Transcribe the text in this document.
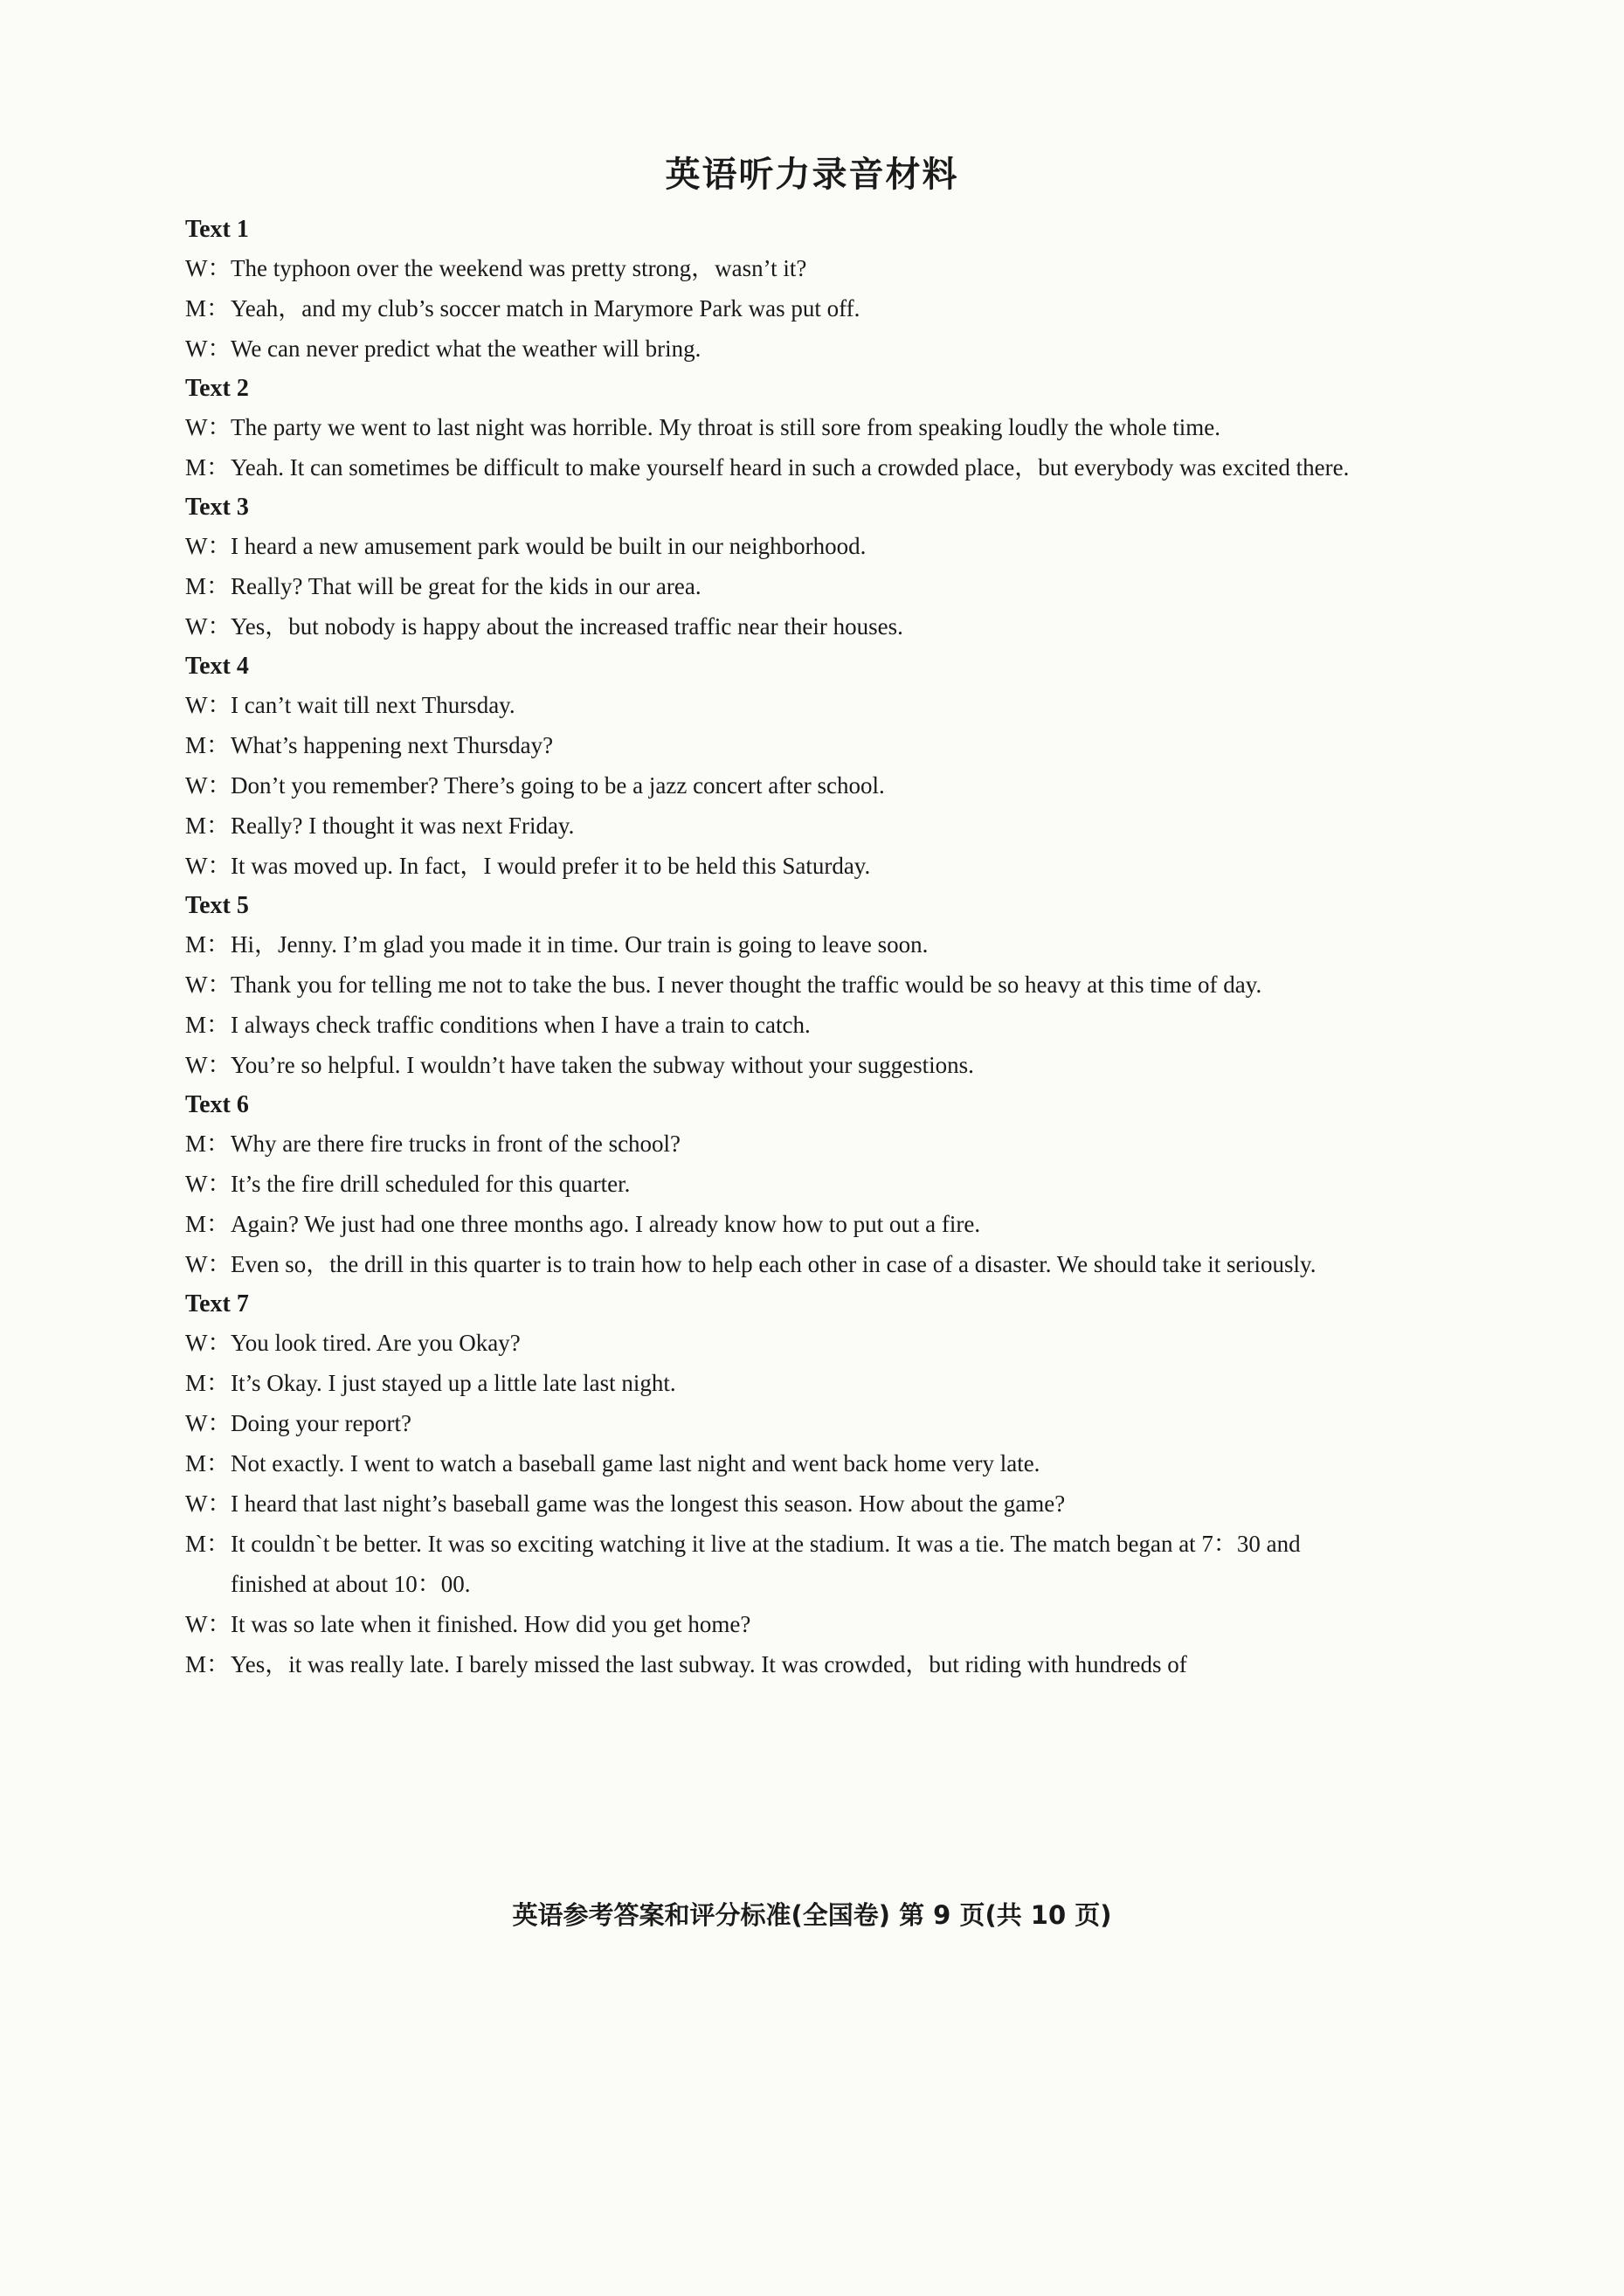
英语听力录音材料
Text 1
W： The typhoon over the weekend was pretty strong，wasn’t it?
M： Yeah，and my club’s soccer match in Marymore Park was put off.
W： We can never predict what the weather will bring.
Text 2
W： The party we went to last night was horrible. My throat is still sore from speaking loudly the whole time.
M： Yeah. It can sometimes be difficult to make yourself heard in such a crowded place，but everybody was excited there.
Text 3
W： I heard a new amusement park would be built in our neighborhood.
M： Really? That will be great for the kids in our area.
W： Yes，but nobody is happy about the increased traffic near their houses.
Text 4
W： I can’t wait till next Thursday.
M： What’s happening next Thursday?
W： Don’t you remember? There’s going to be a jazz concert after school.
M： Really? I thought it was next Friday.
W： It was moved up. In fact，I would prefer it to be held this Saturday.
Text 5
M： Hi，Jenny. I’m glad you made it in time. Our train is going to leave soon.
W： Thank you for telling me not to take the bus. I never thought the traffic would be so heavy at this time of day.
M： I always check traffic conditions when I have a train to catch.
W： You’re so helpful. I wouldn’t have taken the subway without your suggestions.
Text 6
M： Why are there fire trucks in front of the school?
W： It’s the fire drill scheduled for this quarter.
M： Again? We just had one three months ago. I already know how to put out a fire.
W： Even so，the drill in this quarter is to train how to help each other in case of a disaster. We should take it seriously.
Text 7
W： You look tired. Are you Okay?
M： It’s Okay. I just stayed up a little late last night.
W： Doing your report?
M： Not exactly. I went to watch a baseball game last night and went back home very late.
W： I heard that last night’s baseball game was the longest this season. How about the game?
M： It couldn`t be better. It was so exciting watching it live at the stadium. It was a tie. The match began at 7：30 and finished at about 10：00.
W： It was so late when it finished. How did you get home?
M： Yes，it was really late. I barely missed the last subway. It was crowded，but riding with hundreds of
英语参考答案和评分标准(全国卷) 第 9 页(共 10 页)
